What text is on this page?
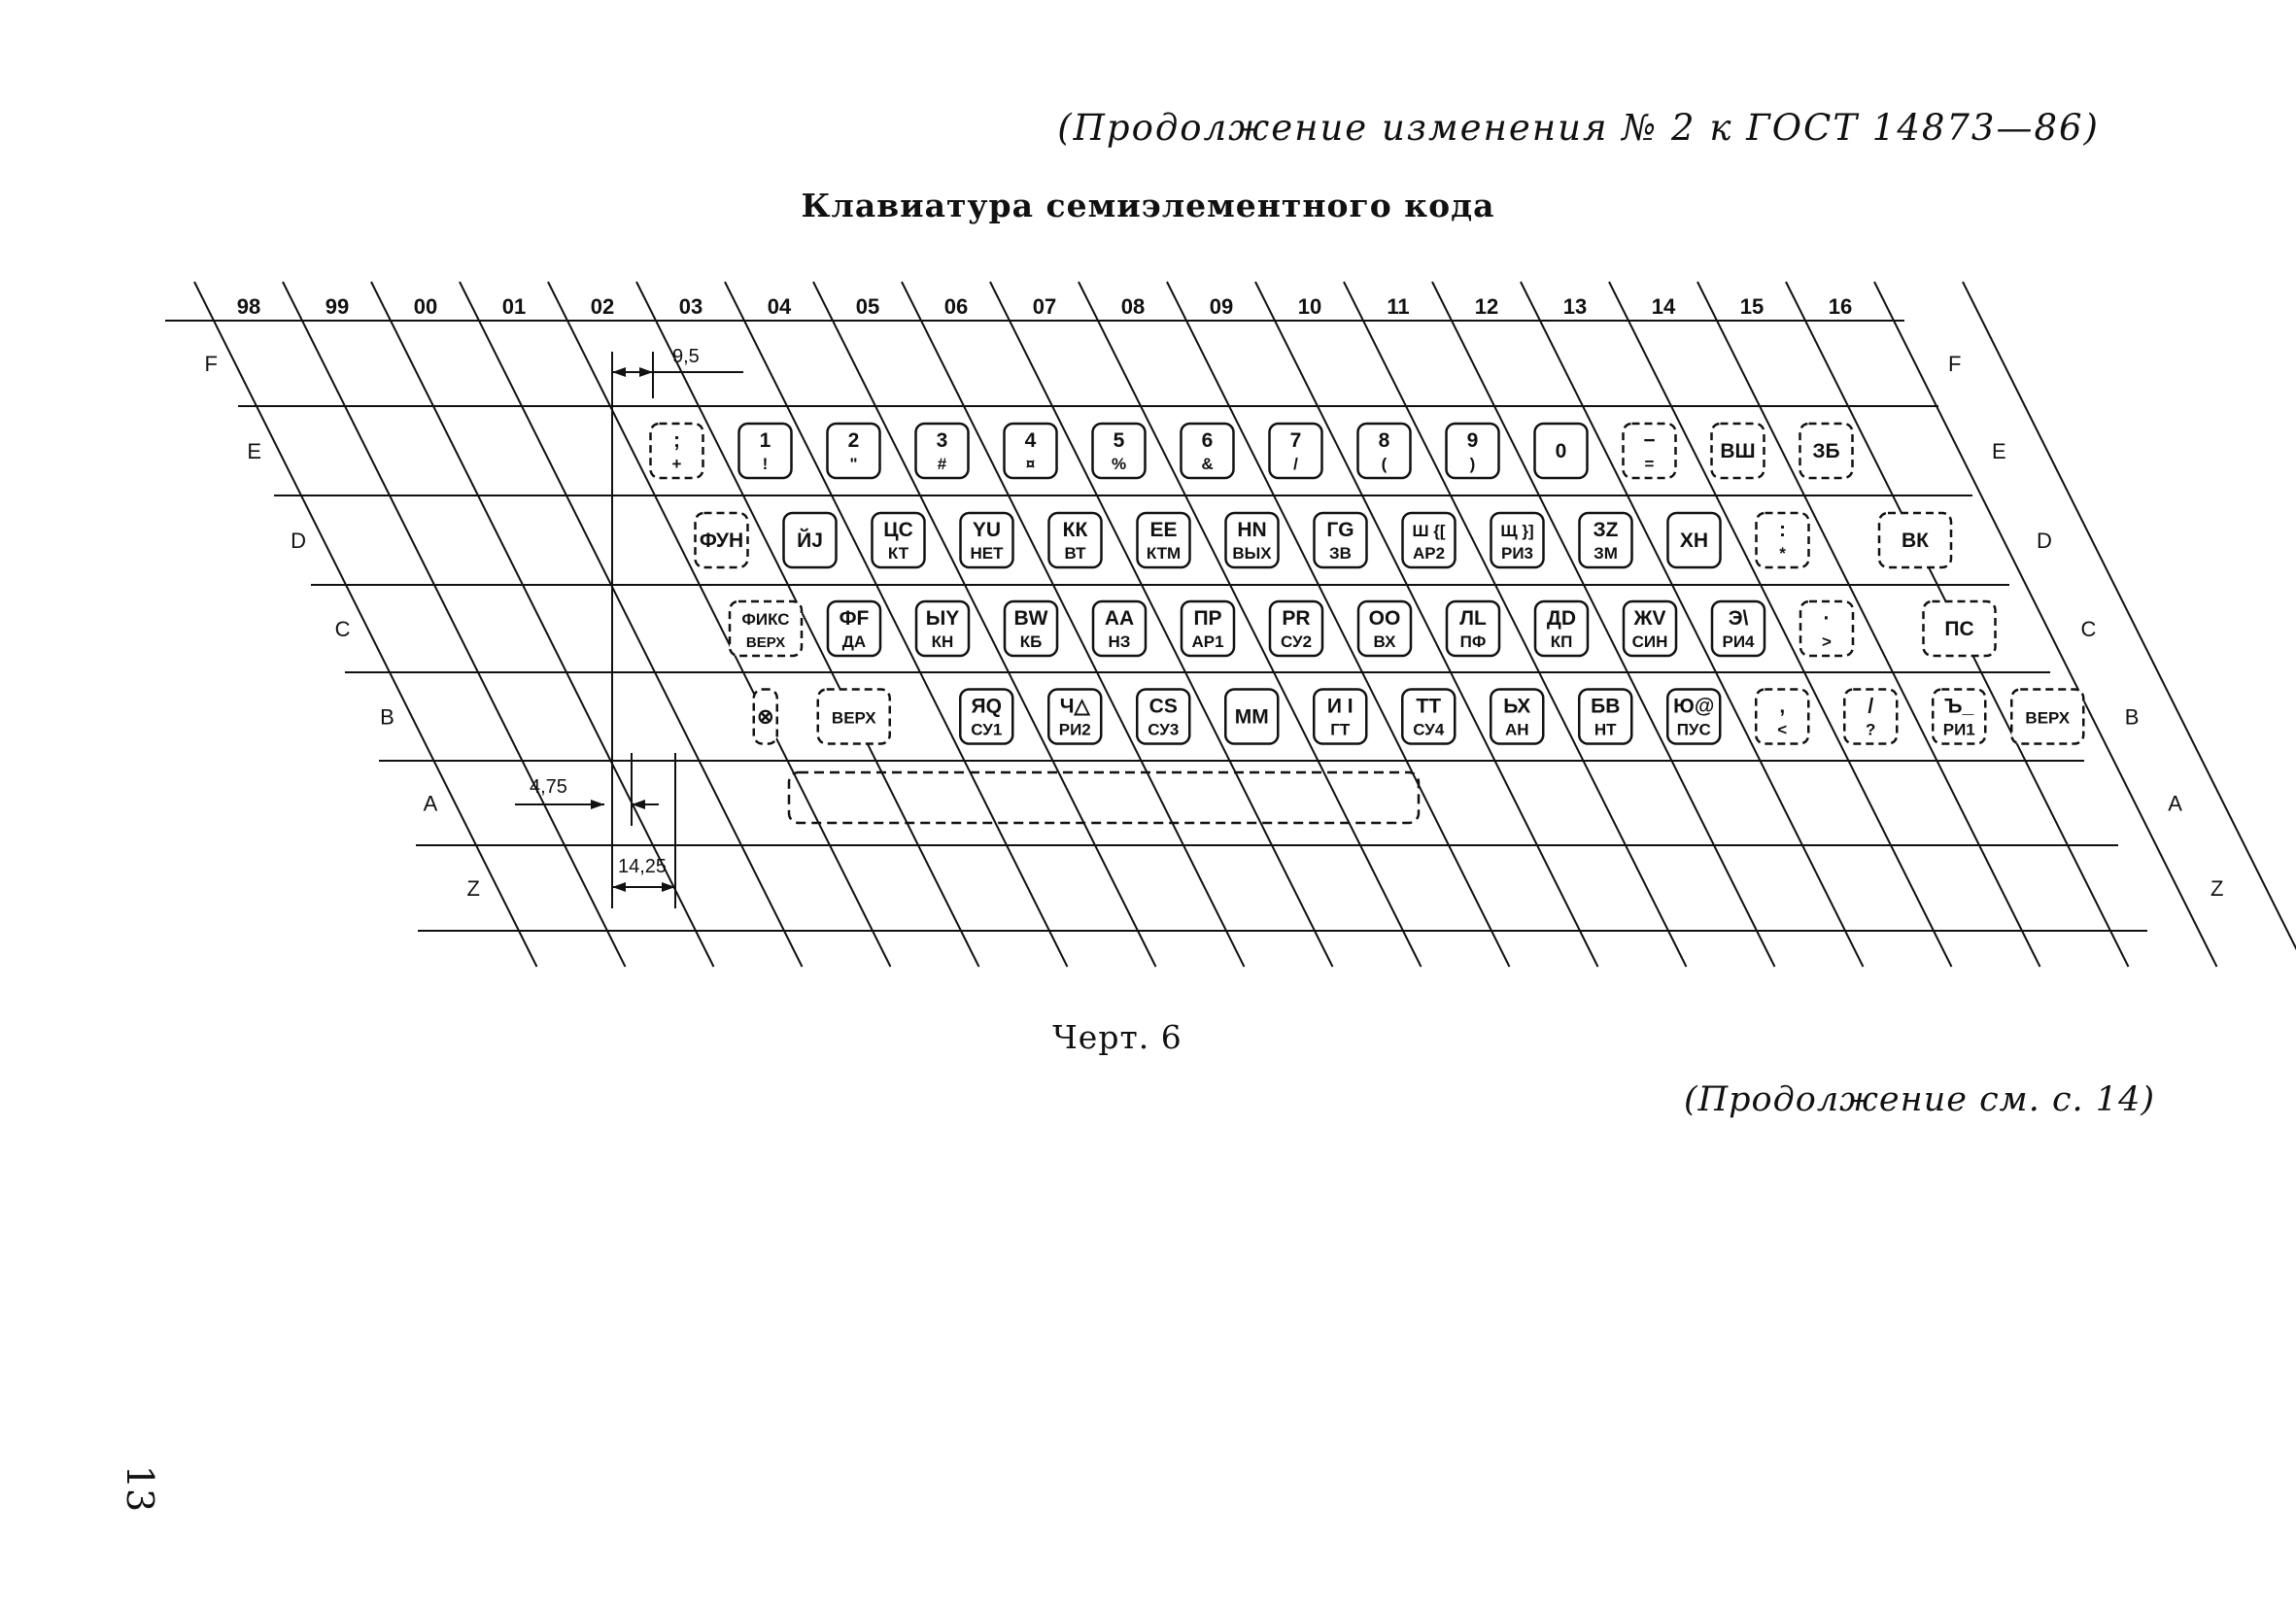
(Продолжение изменения № 2 к ГОСТ 14873—86)
Клавиатура семиэлементного кода
98	99	00	01	02	03	04	05	06	07	08	09	10	11	12	13	14	15	16
F	F
E	E
D	D
C	C
B	B
A	A
Z	Z
;
+
1
!
2
"
3
#
4
¤
5
%
6
&
7
/
8
(
9
)
0	−
=
ВШ	ЗБ
ФУН	ЙJ	ЦС
КТ
YU
НЕТ
КК
ВТ
ЕЕ
КТМ
HN
ВЫХ
ГG
ЗВ
Ш {[
АР2
Щ }]
РИ3
ЗZ
ЗМ
ХН	:
*
ВК
ФИКС
ВЕРХ
ФF
ДА
ЫY
КН
ВW
КБ
АА
НЗ
ПР
АР1
РR
СУ2
ОО
ВХ
ЛL
ПФ
ДD
КП
ЖV
СИН
Э\
РИ4
·
>
ПС
⊗	ВЕРХ
ЯQ
СУ1
Ч△
РИ2
СS
СУ3
ММ	И I
ГТ
ТТ
СУ4
ЬХ
АН
БВ
НТ
Ю@
ПУС
,
<
/
?
Ъ_
РИ1
ВЕРХ
9,5
4,75
14,25
Черт. 6
(Продолжение см. с. 14)
13
